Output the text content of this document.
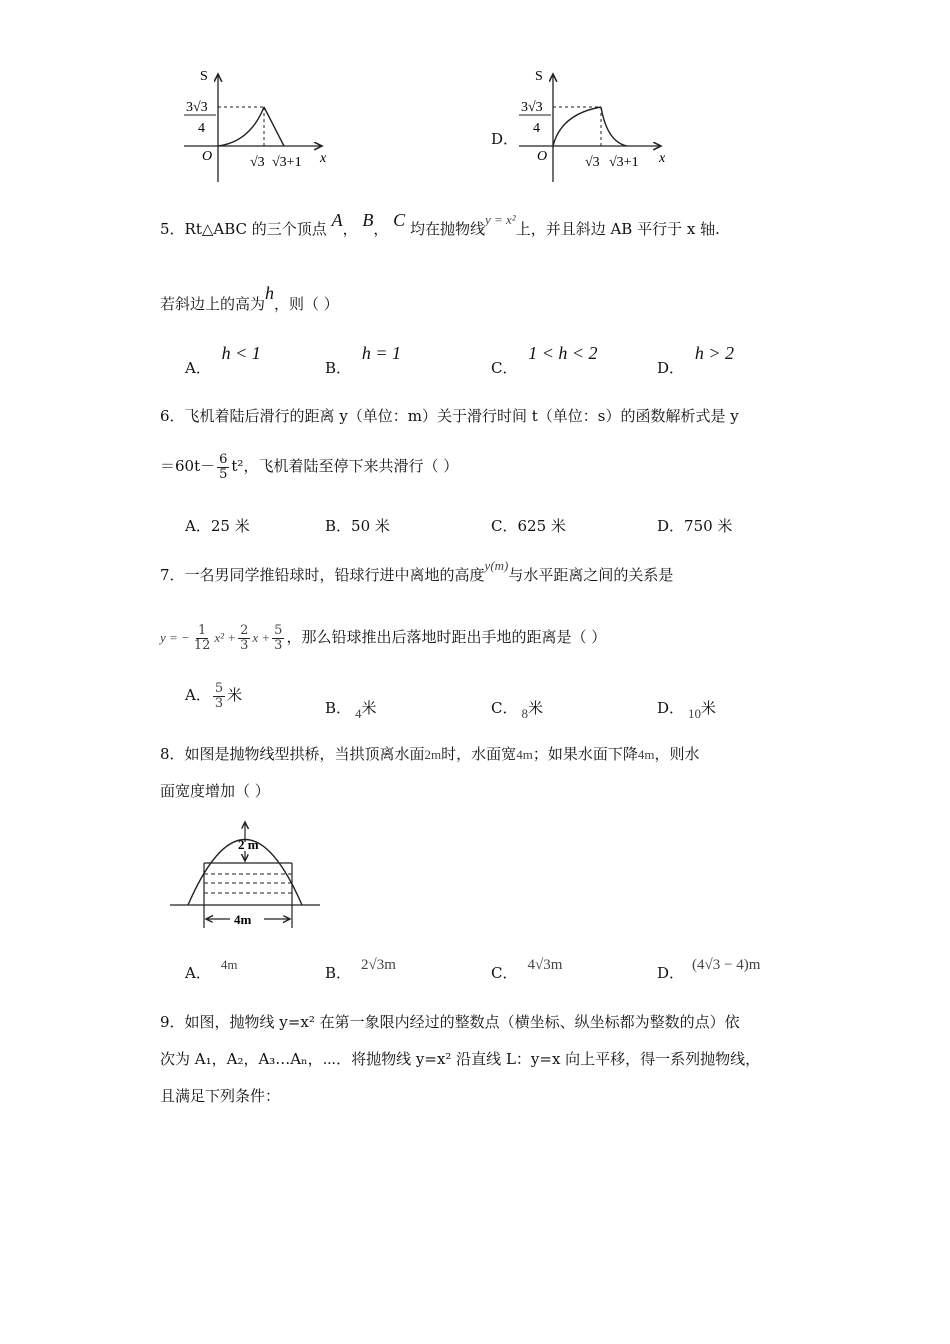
S
3√3
4
O	√3 √3+1 x
D．
S
3√3
4
O	√3 √3+1 x
5．Rt△ABC 的三个顶点 A， B， C 均在抛物线y = x²上，并且斜边 AB 平行于 x 轴.
若斜边上的高为h，则（ ）
A． h < 1
B． h = 1
C． 1 < h < 2
D． h > 2
6．飞机着陆后滑行的距离 y（单位：m）关于滑行时间 t（单位：s）的函数解析式是 y
$=60t- \frac{6}{5} t^2$，飞机着陆至停下来共滑行（ ）
A．25 米	B．50 米	C．625 米	D．750 米
7．一名男同学推铅球时，铅球行进中离地的高度y(m)与水平距离之间的关系是
y = − $\frac{1}{12} x^2 + \frac{2}{3}$ $x + \frac{5}{3}$ ，那么铅球推出后落地时距出手地的距离是（ ）
A． $\frac{5}{3}$ 米
B． 4米	C． 8米	D． 10米
8．如图是抛物线型拱桥，当拱顶离水面2m时，水面宽4m；如果水面下降4m，则水
面宽度增加（ ）
2 m
4m
A． 4m	B． 2√3m	C． 4√3m	D． (4√3 − 4)m
9．如图，抛物线 y=x² 在第一象限内经过的整数点（横坐标、纵坐标都为整数的点）依
次为 A₁，A₂，A₃…Aₙ，⋯．将抛物线 y=x² 沿直线 L：y=x 向上平移，得一系列抛物线，
且满足下列条件：
